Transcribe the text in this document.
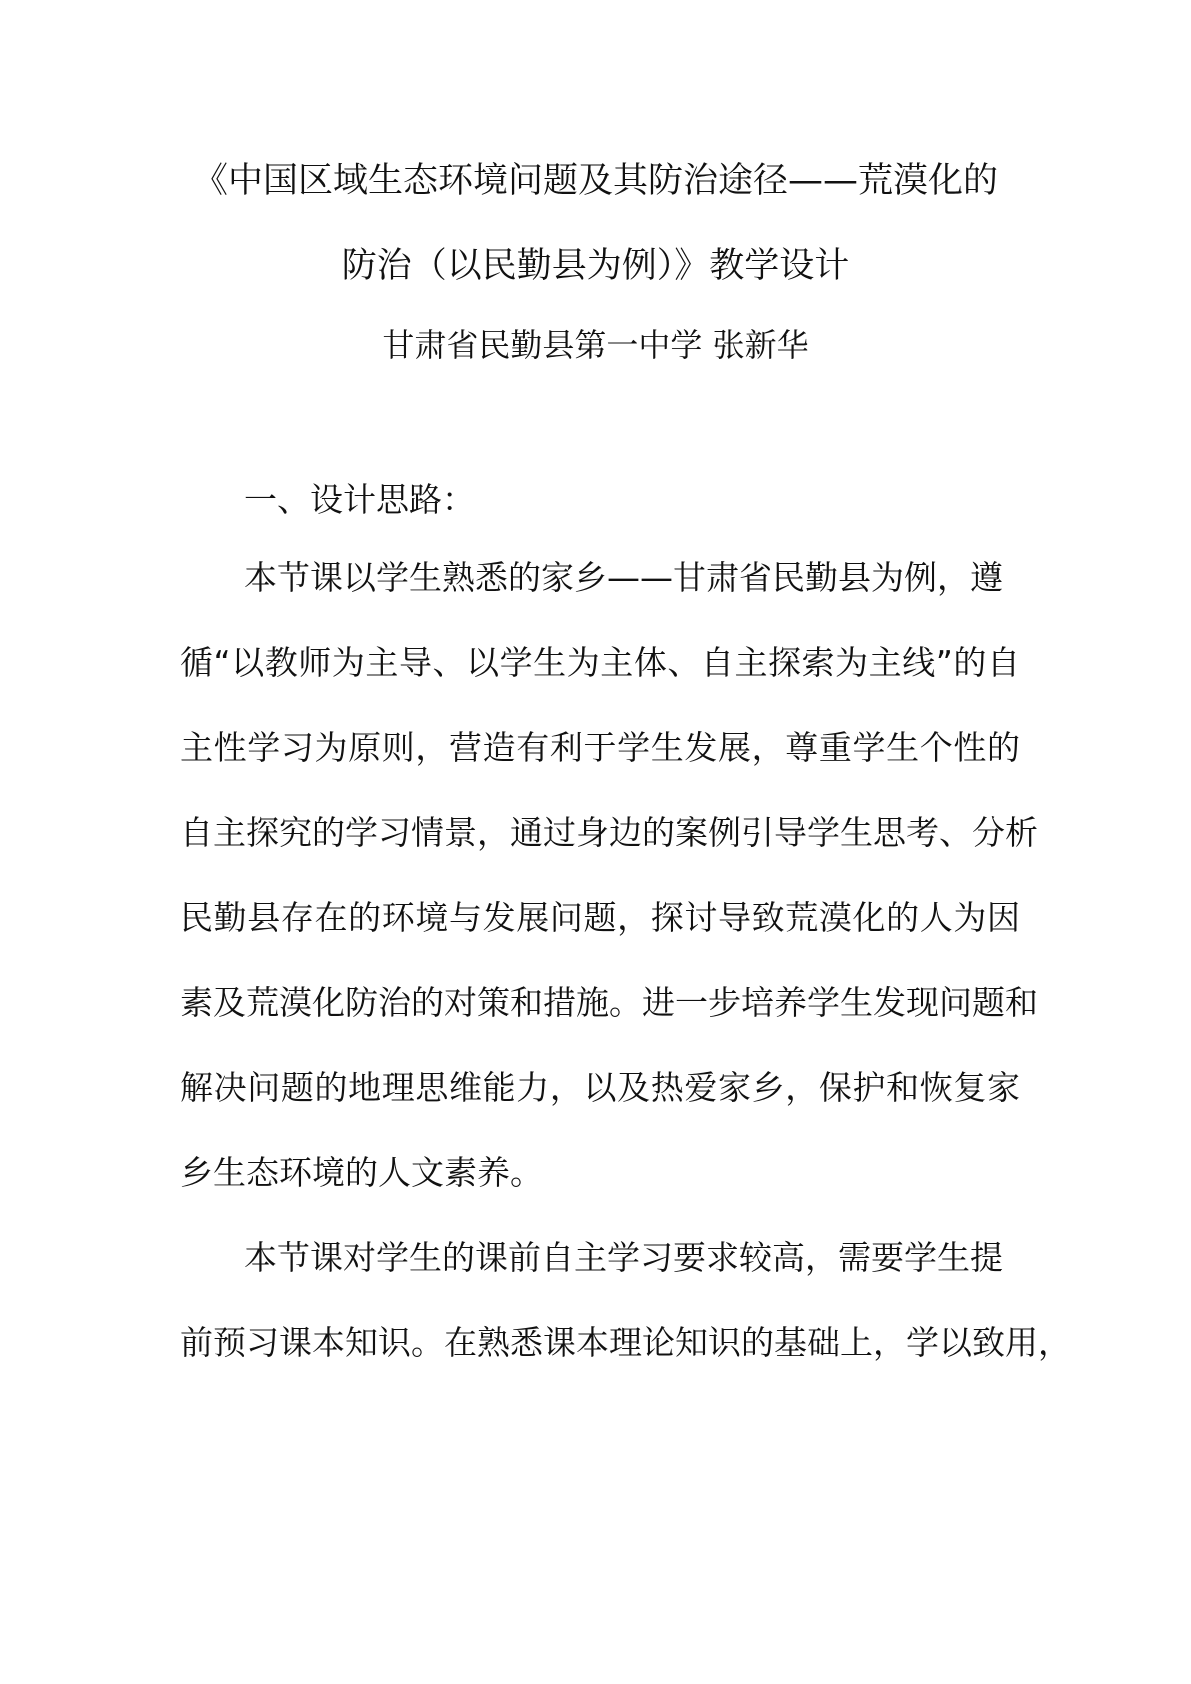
《中国区域生态环境问题及其防治途径——荒漠化的
防治（以民勤县为例）》教学设计
甘肃省民勤县第一中学 张新华
一、设计思路：
本节课以学生熟悉的家乡——甘肃省民勤县为例，遵
循“以教师为主导、以学生为主体、自主探索为主线”的自
主性学习为原则，营造有利于学生发展，尊重学生个性的
自主探究的学习情景，通过身边的案例引导学生思考、分析
民勤县存在的环境与发展问题，探讨导致荒漠化的人为因
素及荒漠化防治的对策和措施。进一步培养学生发现问题和
解决问题的地理思维能力，以及热爱家乡，保护和恢复家
乡生态环境的人文素养。
本节课对学生的课前自主学习要求较高，需要学生提
前预习课本知识。在熟悉课本理论知识的基础上，学以致用，
